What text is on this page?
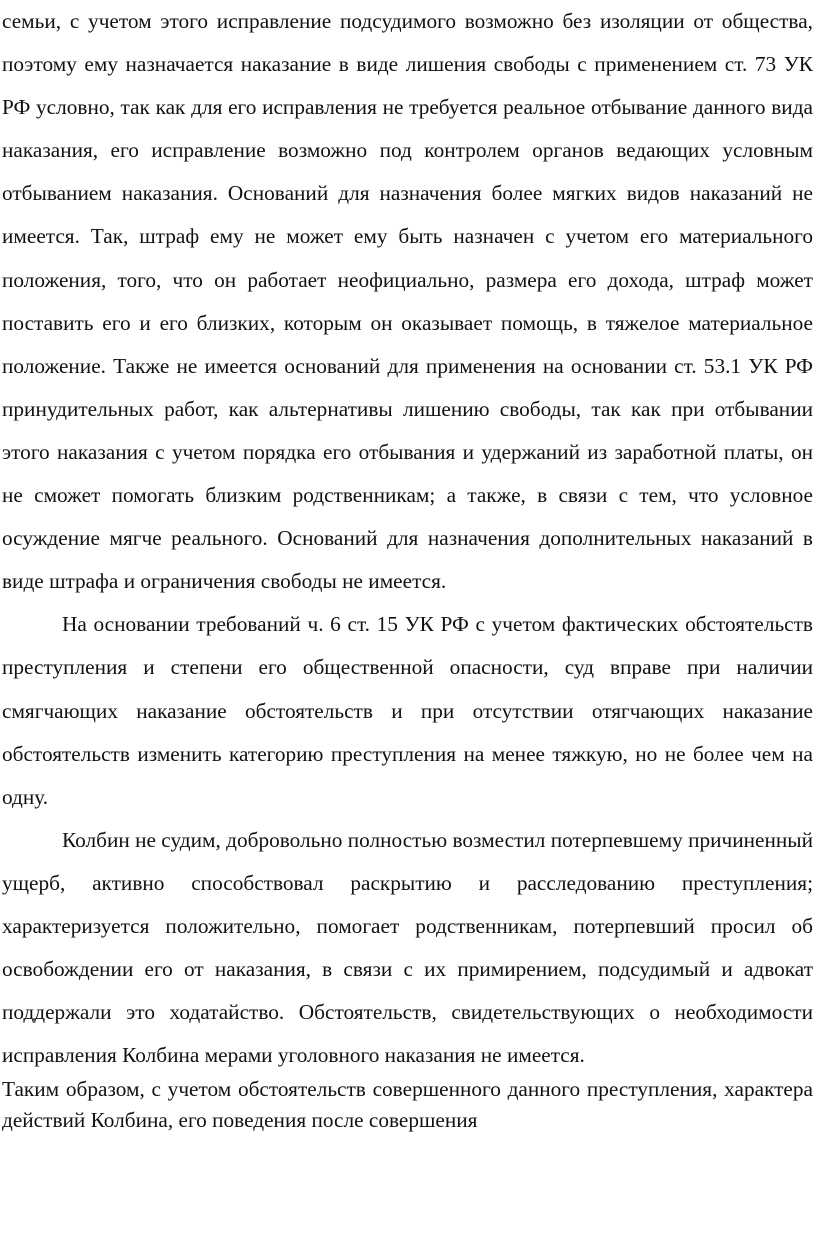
семьи, с учетом этого исправление подсудимого возможно без изоляции от общества, поэтому ему назначается наказание в виде лишения свободы с применением ст. 73 УК РФ условно, так как для его исправления не требуется реальное отбывание данного вида наказания, его исправление возможно под контролем органов ведающих условным отбыванием наказания. Оснований для назначения более мягких видов наказаний не имеется. Так, штраф ему не может ему быть назначен с учетом его материального положения, того, что он работает неофициально, размера его дохода, штраф может поставить его и его близких, которым он оказывает помощь, в тяжелое материальное положение. Также не имеется оснований для применения на основании ст. 53.1 УК РФ принудительных работ, как альтернативы лишению свободы, так как при отбывании этого наказания с учетом порядка его отбывания и удержаний из заработной платы, он не сможет помогать близким родственникам; а также, в связи с тем, что условное осуждение мягче реального. Оснований для назначения дополнительных наказаний в виде штрафа и ограничения свободы не имеется.

На основании требований ч. 6 ст. 15 УК РФ с учетом фактических обстоятельств преступления и степени его общественной опасности, суд вправе при наличии смягчающих наказание обстоятельств и при отсутствии отягчающих наказание обстоятельств изменить категорию преступления на менее тяжкую, но не более чем на одну.

Колбин не судим, добровольно полностью возместил потерпевшему причиненный ущерб, активно способствовал раскрытию и расследованию преступления; характеризуется положительно, помогает родственникам, потерпевший просил об освобождении его от наказания, в связи с их примирением, подсудимый и адвокат поддержали это ходатайство. Обстоятельств, свидетельствующих о необходимости исправления Колбина мерами уголовного наказания не имеется.

Таким образом, с учетом обстоятельств совершенного данного преступления, характера действий Колбина, его поведения после совершения
